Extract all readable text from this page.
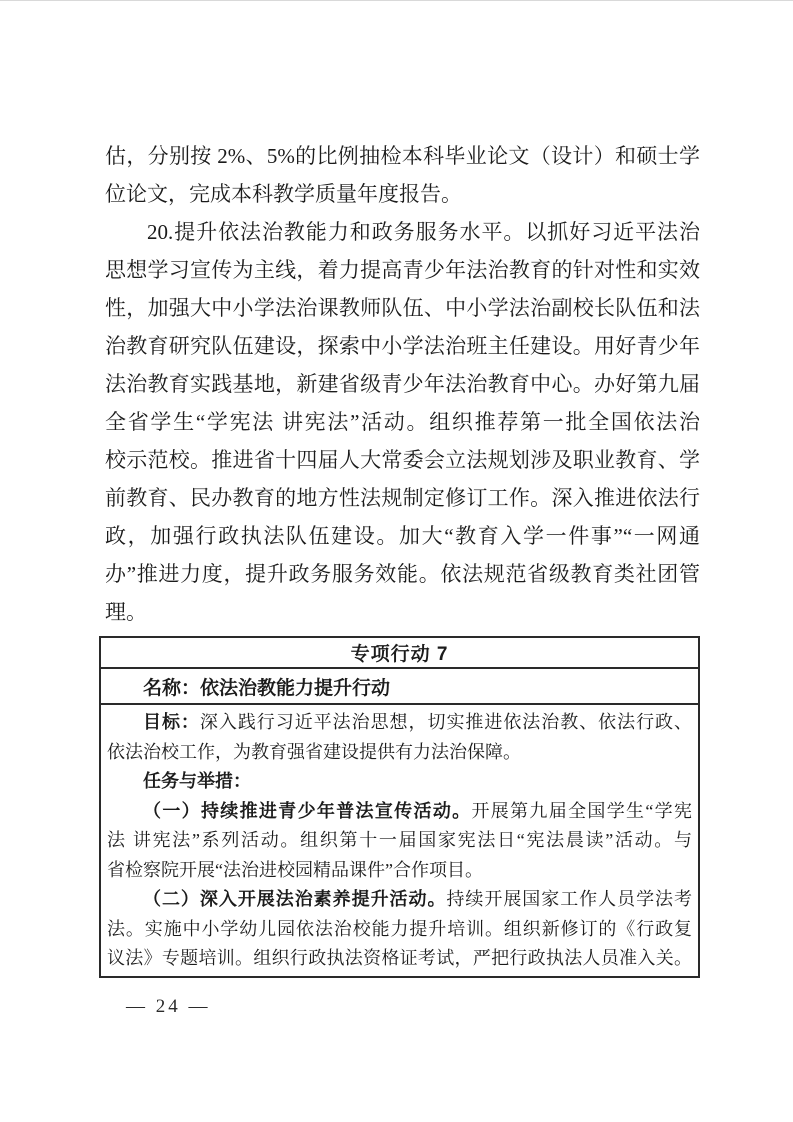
估，分别按 2%、5%的比例抽检本科毕业论文（设计）和硕士学
位论文，完成本科教学质量年度报告。
20.提升依法治教能力和政务服务水平。以抓好习近平法治
思想学习宣传为主线，着力提高青少年法治教育的针对性和实效
性，加强大中小学法治课教师队伍、中小学法治副校长队伍和法
治教育研究队伍建设，探索中小学法治班主任建设。用好青少年
法治教育实践基地，新建省级青少年法治教育中心。办好第九届
全省学生“学宪法 讲宪法”活动。组织推荐第一批全国依法治
校示范校。推进省十四届人大常委会立法规划涉及职业教育、学
前教育、民办教育的地方性法规制定修订工作。深入推进依法行
政，加强行政执法队伍建设。加大“教育入学一件事”“一网通
办”推进力度，提升政务服务效能。依法规范省级教育类社团管
理。
专项行动 7
名称：依法治教能力提升行动

目标：深入践行习近平法治思想，切实推进依法治教、依法行政、
依法治校工作，为教育强省建设提供有力法治保障。
任务与举措：
（一）持续推进青少年普法宣传活动。开展第九届全国学生“学宪
法 讲宪法”系列活动。组织第十一届国家宪法日“宪法晨读”活动。与
省检察院开展“法治进校园精品课件”合作项目。
（二）深入开展法治素养提升活动。持续开展国家工作人员学法考
法。实施中小学幼儿园依法治校能力提升培训。组织新修订的《行政复
议法》专题培训。组织行政执法资格证考试，严把行政执法人员准入关。
— 24 —
